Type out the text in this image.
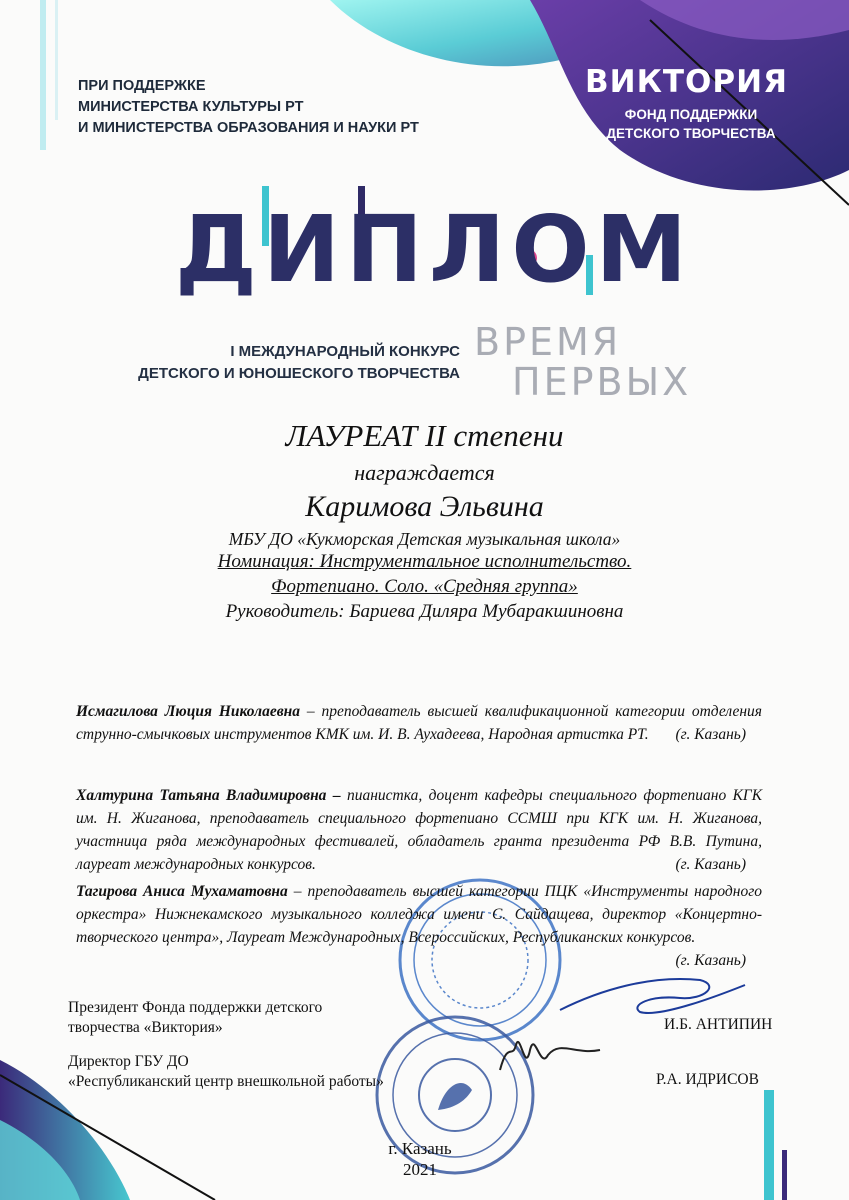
ПРИ ПОДДЕРЖКЕ
МИНИСТЕРСТВА КУЛЬТУРЫ РТ
И МИНИСТЕРСТВА ОБРАЗОВАНИЯ И НАУКИ РТ
ВИКТОРИЯ
ФОНД ПОДДЕРЖКИ
ДЕТСКОГО ТВОРЧЕСТВА
ДИПЛОМ
I МЕЖДУНАРОДНЫЙ КОНКУРС
ДЕТСКОГО И ЮНОШЕСКОГО ТВОРЧЕСТВА
ВРЕМЯ
ПЕРВЫХ
ЛАУРЕАТ II степени
награждается
Каримова Эльвина
МБУ ДО «Кукморская Детская музыкальная школа»
Номинация: Инструментальное исполнительство.
Фортепиано. Соло. «Средняя группа»
Руководитель: Бариева Диляра Мубаракшиновна
Исмагилова Люция Николаевна – преподаватель высшей квалификационной категории отделения струнно-смычковых инструментов КМК им. И. В. Аухадеева, Народная артистка РТ. (г. Казань)
Халтурина Татьяна Владимировна – пианистка, доцент кафедры специального фортепиано КГК им. Н. Жиганова, преподаватель специального фортепиано ССМШ при КГК им. Н. Жиганова, участница ряда международных фестивалей, обладатель гранта президента РФ В.В. Путина, лауреат международных конкурсов.	(г. Казань)
Тагирова Аниса Мухаматовна – преподаватель высшей категории ПЦК «Инструменты народного оркестра» Нижнекамского музыкального колледжа имени С. Сайдащева, директор «Концертно-творческого центра», Лауреат Международных, Всероссийских, Республиканских конкурсов.
(г. Казань)
Президент Фонда поддержки детского
творчества «Виктория»	И.Б. АНТИПИН
Директор ГБУ ДО
«Республиканский центр внешкольной работы»	Р.А. ИДРИСОВ
г. Казань
2021
